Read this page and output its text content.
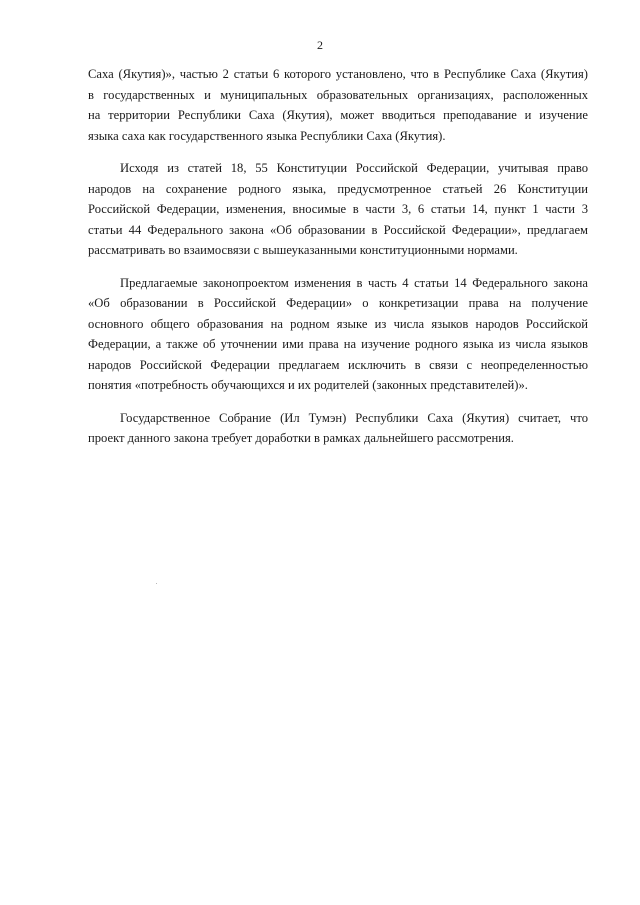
2

Саха (Якутия)», частью 2 статьи 6 которого установлено, что в Республике Саха (Якутия)
в государственных и муниципальных образовательных организациях, расположенных
на территории Республики Саха (Якутия), может вводиться преподавание и изучение
языка саха как государственного языка Республики Саха (Якутия).

Исходя из статей 18, 55 Конституции Российской Федерации, учитывая право
народов на сохранение родного языка, предусмотренное статьей 26 Конституции
Российской Федерации, изменения, вносимые в части 3, 6 статьи 14, пункт 1 части 3
статьи 44 Федерального закона «Об образовании в Российской Федерации», предлагаем
рассматривать во взаимосвязи с вышеуказанными конституционными нормами.

Предлагаемые законопроектом изменения в часть 4 статьи 14 Федерального закона
«Об образовании в Российской Федерации» о конкретизации права на получение
основного общего образования на родном языке из числа языков народов Российской
Федерации, а также об уточнении ими права на изучение родного языка из числа языков
народов Российской Федерации предлагаем исключить в связи с неопределенностью
понятия «потребность обучающихся и их родителей (законных представителей)».

Государственное Собрание (Ил Тумэн) Республики Саха (Якутия) считает, что
проект данного закона требует доработки в рамках дальнейшего рассмотрения.
